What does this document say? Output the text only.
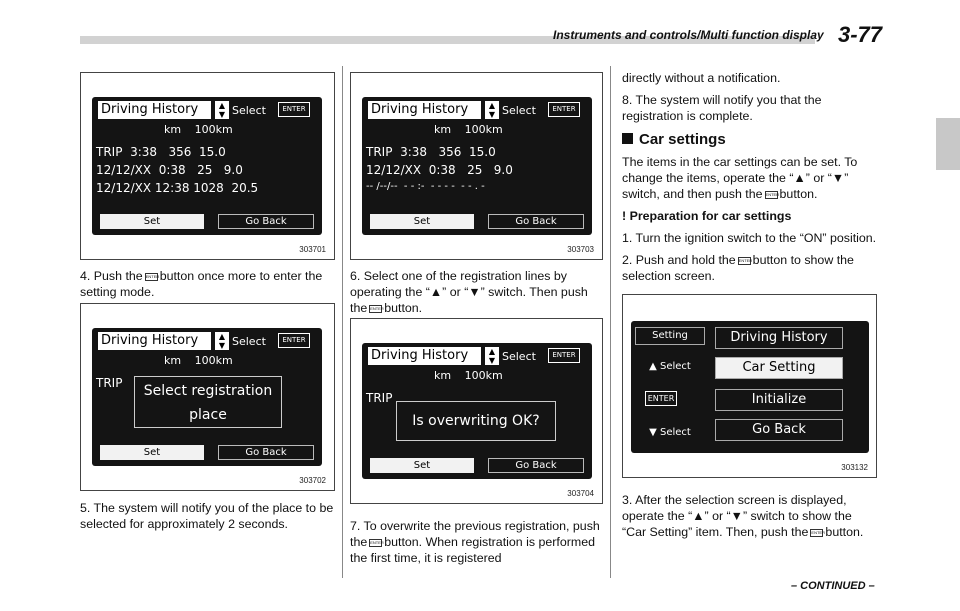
Instruments and controls/Multi function display 3-77
Driving History	▲
▼ Select	ENTER
km 100km
TRIP  3:38   356  15.0
12/12/XX  0:38   25   9.0
12/12/XX 12:38 1028  20.5
Set	Go Back
303701
4. Push the ENTERbutton once more to enter the setting mode.
Driving History	▲
▼ Select	ENTER
km 100km
TRIP	Select registration place
Set	Go Back
303702
5. The system will notify you of the place to be selected for approximately 2 seconds.
Driving History	▲
▼ Select	ENTER
km 100km
TRIP  3:38   356  15.0
12/12/XX  0:38   25   9.0
-- /--/--  - - :-  - - - -  - - . -
Set	Go Back
303703
6. Select one of the registration lines by operating the “▲” or “▼” switch. Then push the ENTERbutton.
Driving History	▲
▼ Select	ENTER
km 100km
TRIP
Is overwriting OK?
Set	Go Back
303704
7. To overwrite the previous registration, push the ENTERbutton. When registration is performed the first time, it is registered

directly without a notification.

8. The system will notify you that the registration is complete.

Car settings

The items in the car settings can be set. To change the items, operate the “▲” or “▼” switch, and then push the ENTERbutton.

! Preparation for car settings

1. Turn the ignition switch to the “ON” position.

2. Push and hold the ENTERbutton to show the selection screen.

Setting
▲ Select
ENTER
▼ Select
Driving History
Car Setting
Initialize
Go Back
303132
3. After the selection screen is displayed, operate the “▲” or “▼” switch to show the “Car Setting” item. Then, push the ENTERbutton.
– CONTINUED –
